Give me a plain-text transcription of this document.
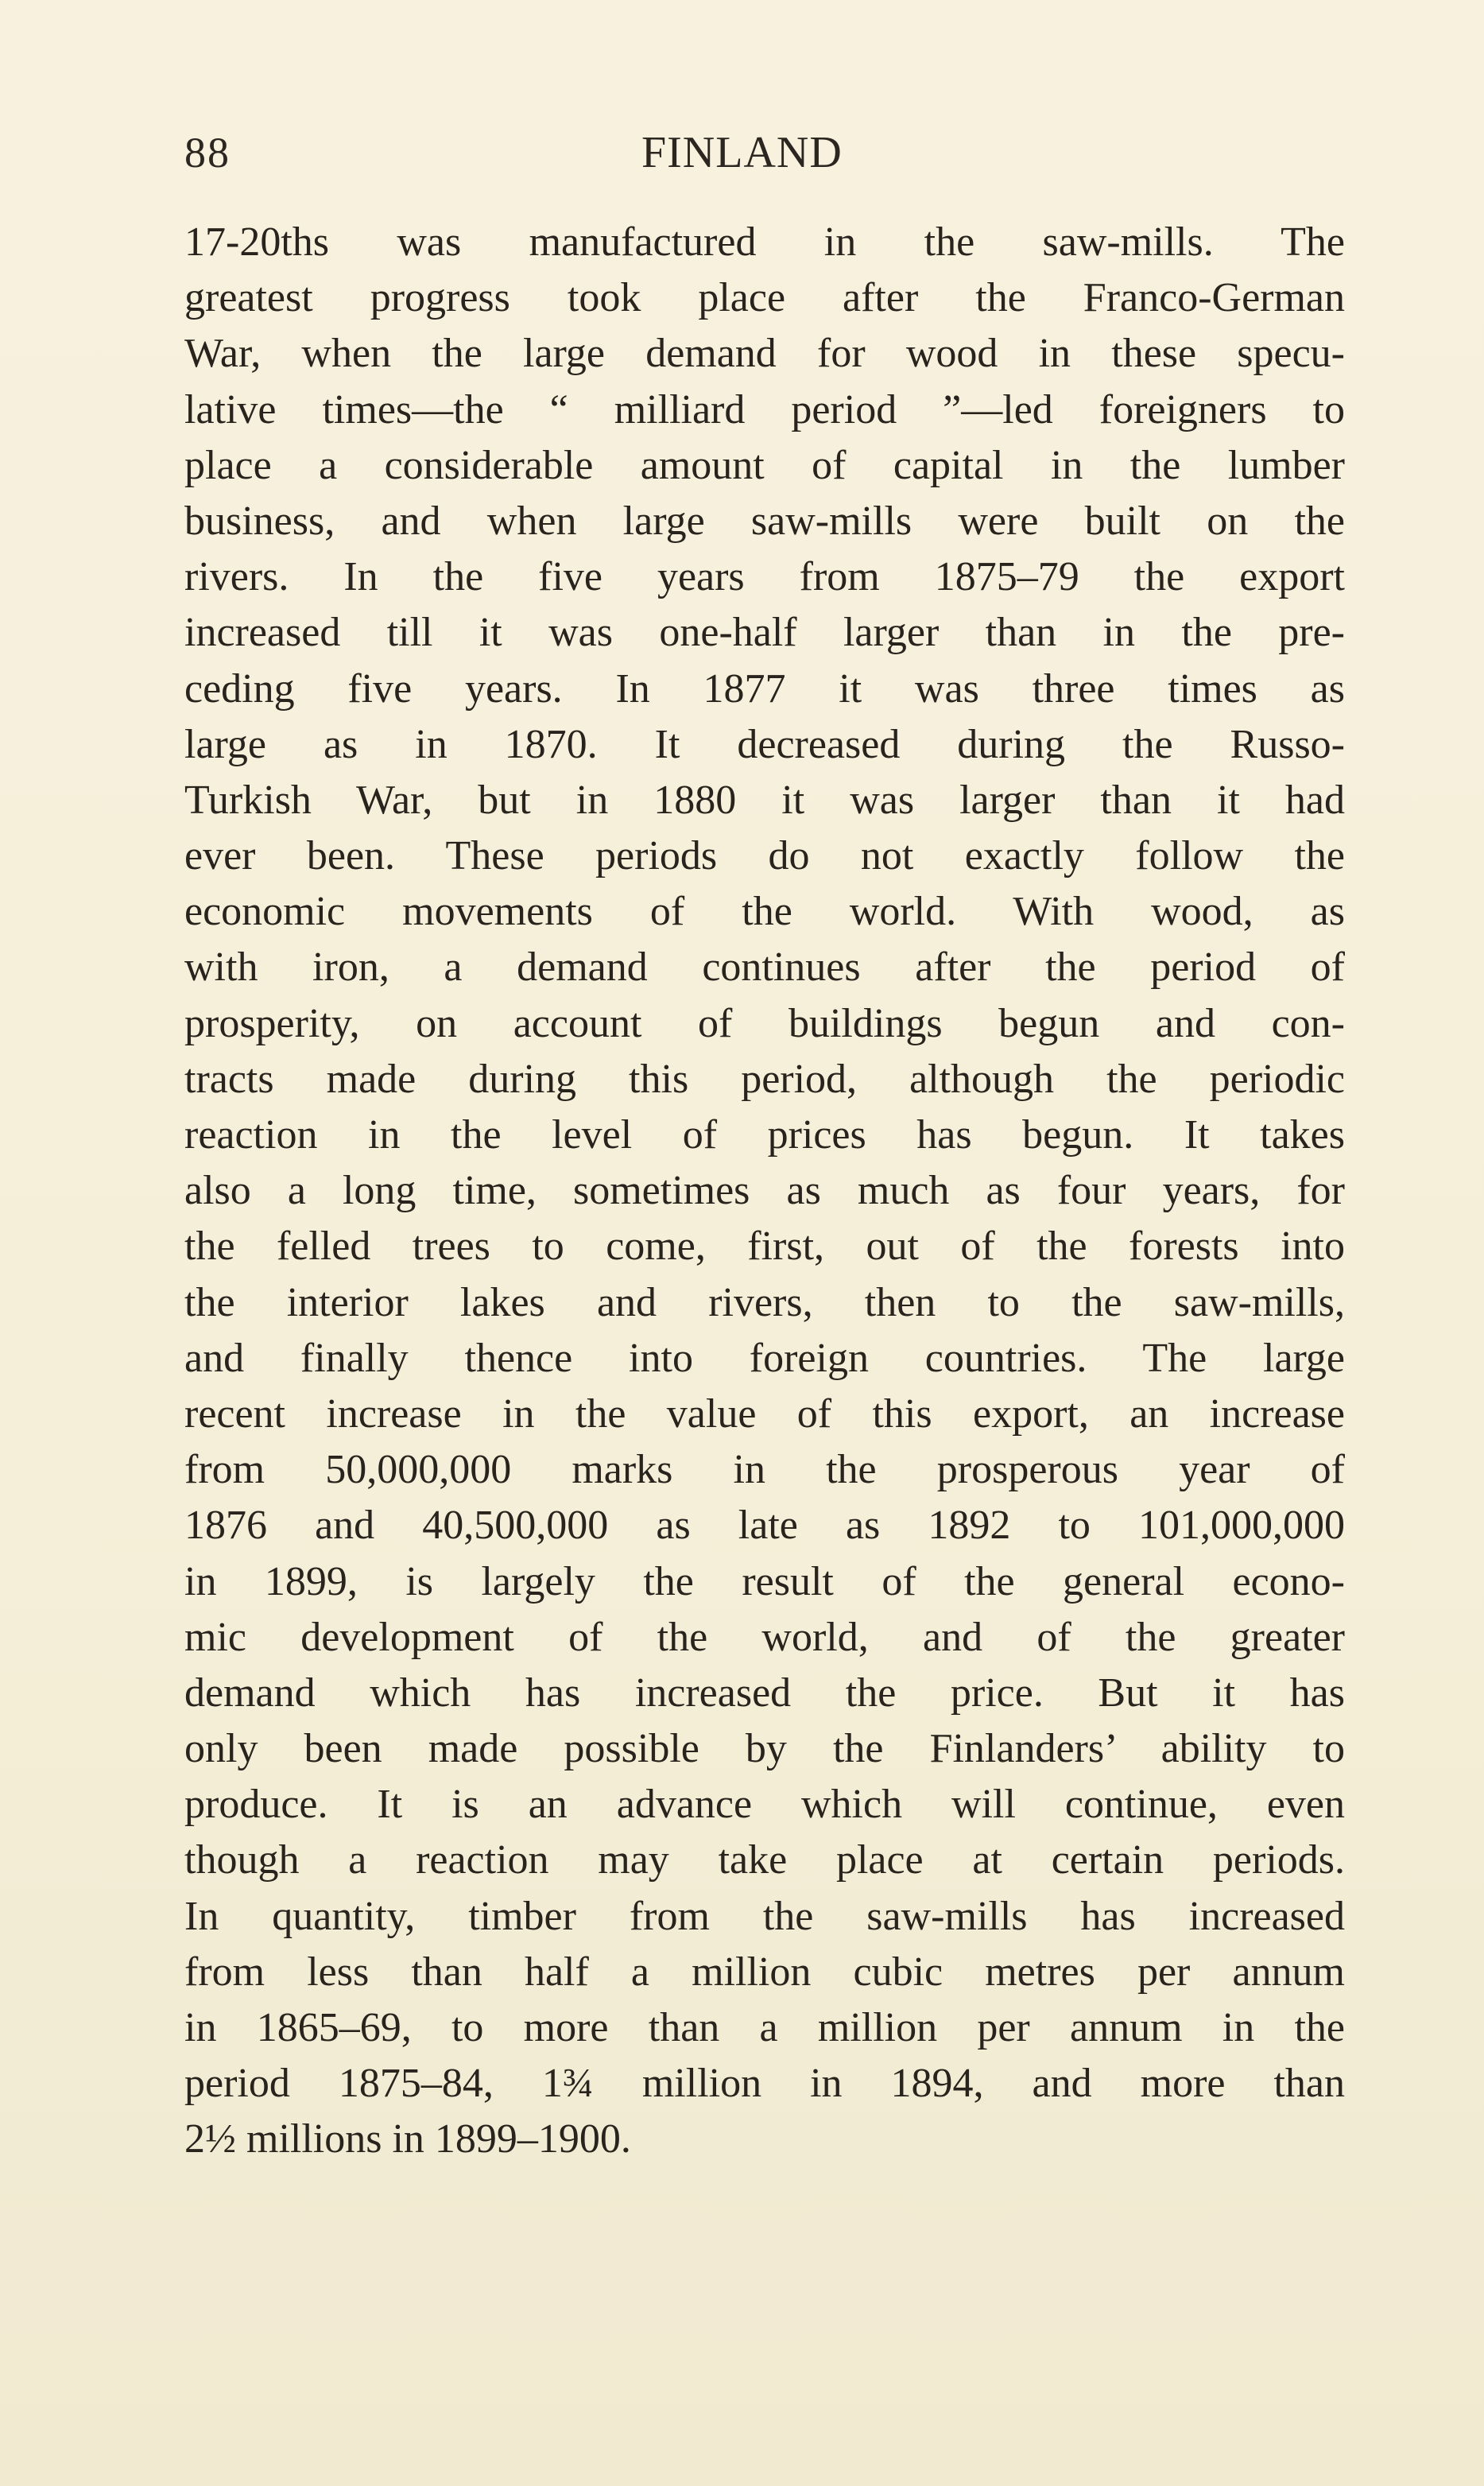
88	FINLAND
17-20ths was manufactured in the saw-mills. The
greatest progress took place after the Franco-German
War, when the large demand for wood in these specu-
lative times—the “ milliard period ”—led foreigners to
place a considerable amount of capital in the lumber
business, and when large saw-mills were built on the
rivers. In the five years from 1875–79 the export
increased till it was one-half larger than in the pre-
ceding five years. In 1877 it was three times as
large as in 1870. It decreased during the Russo-
Turkish War, but in 1880 it was larger than it had
ever been. These periods do not exactly follow the
economic movements of the world. With wood, as
with iron, a demand continues after the period of
prosperity, on account of buildings begun and con-
tracts made during this period, although the periodic
reaction in the level of prices has begun. It takes
also a long time, sometimes as much as four years, for
the felled trees to come, first, out of the forests into
the interior lakes and rivers, then to the saw-mills,
and finally thence into foreign countries. The large
recent increase in the value of this export, an increase
from 50,000,000 marks in the prosperous year of
1876 and 40,500,000 as late as 1892 to 101,000,000
in 1899, is largely the result of the general econo-
mic development of the world, and of the greater
demand which has increased the price. But it has
only been made possible by the Finlanders’ ability to
produce. It is an advance which will continue, even
though a reaction may take place at certain periods.
In quantity, timber from the saw-mills has increased
from less than half a million cubic metres per annum
in 1865–69, to more than a million per annum in the
period 1875–84, 1¾ million in 1894, and more than
2½ millions in 1899–1900.
